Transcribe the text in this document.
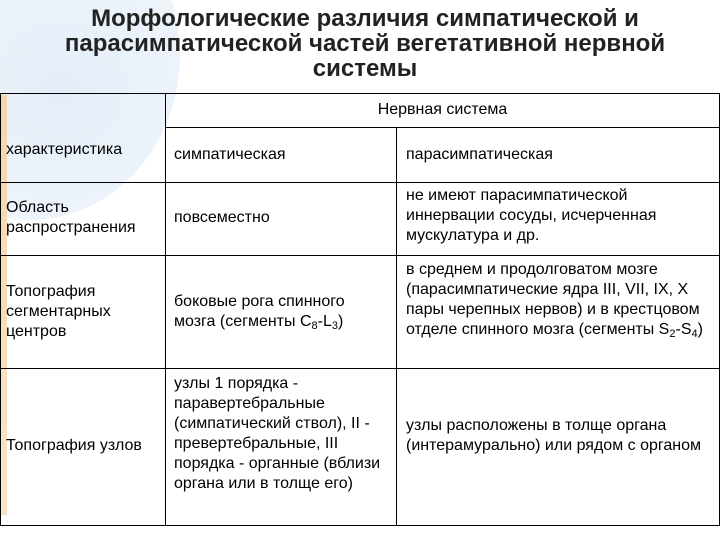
Морфологические различия симпатической и парасимпатической частей вегетативной нервной системы
Нервная система
характеристика	симпатическая	парасимпатическая
Область распространения
повсеместно
не имеют парасимпатической иннервации сосуды, исчерченная мускулатура и др.
Топография сегментарных центров
боковые рога спинного мозга (сегменты $C_8-L_3$)
в среднем и продолговатом мозге (парасимпатические ядра III, VII, IX, X пары черепных нервов) и в крестцовом отделе спинного мозга (сегменты $S_2-S_4$)
Топография узлов
узлы 1 порядка - паравертебральные (симпатический ствол), II - превертебральные, III порядка - органные (вблизи органа или в толще его)
узлы расположены в толще органа (интерамурально) или рядом с органом
